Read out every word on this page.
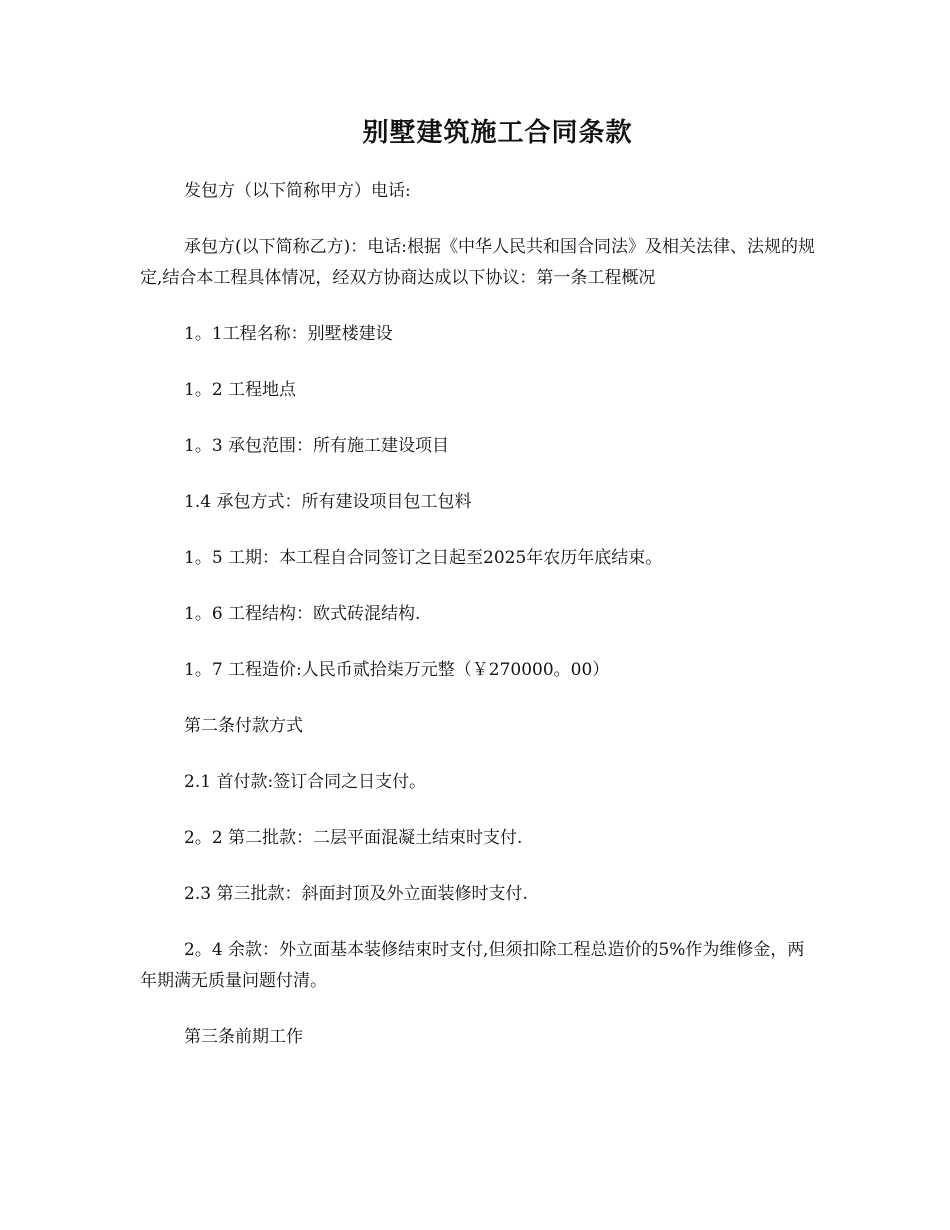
别墅建筑施工合同条款

发包方（以下简称甲方）电话:

承包方(以下简称乙方)：电话:根据《中华人民共和国合同法》及相关法律、法规的规定,结合本工程具体情况，经双方协商达成以下协议：第一条工程概况

1。1工程名称：别墅楼建设

1。2 工程地点

1。3 承包范围：所有施工建设项目

1.4 承包方式：所有建设项目包工包料

1。5 工期：本工程自合同签订之日起至2025年农历年底结束。

1。6 工程结构：欧式砖混结构.

1。7 工程造价:人民币贰拾柒万元整（￥270000。00）

第二条付款方式

2.1 首付款:签订合同之日支付。

2。2 第二批款：二层平面混凝土结束时支付.

2.3 第三批款：斜面封顶及外立面装修时支付.

2。4 余款：外立面基本装修结束时支付,但须扣除工程总造价的5%作为维修金，两年期满无质量问题付清。

第三条前期工作
